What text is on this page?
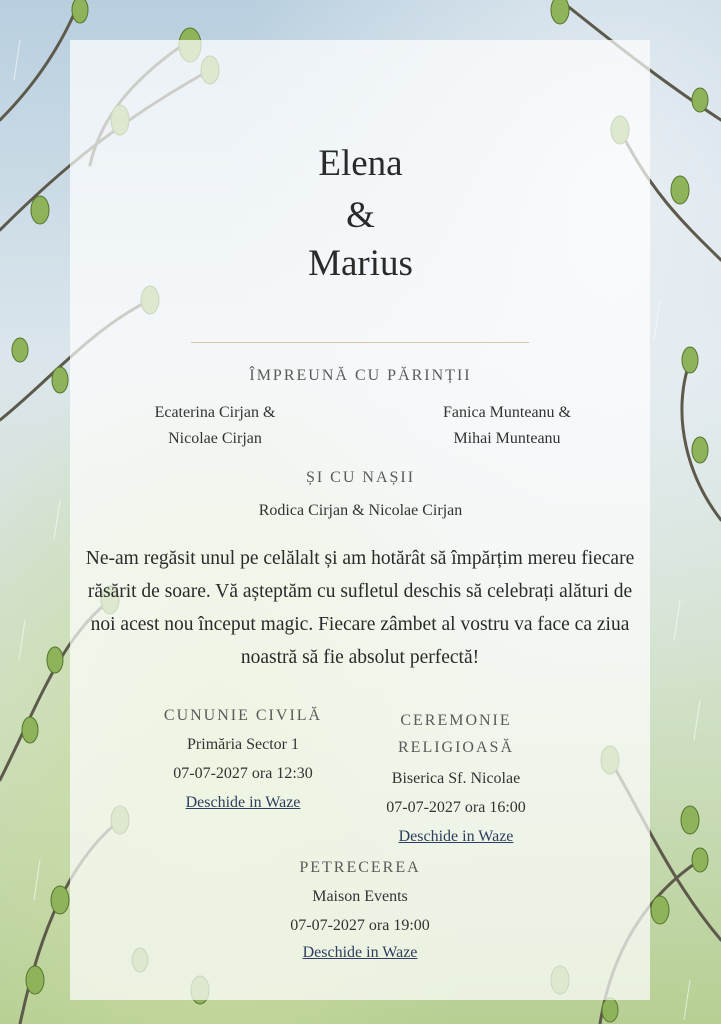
Elena
&
Marius
ÎMPREUNĂ CU PĂRINȚII
Ecaterina Cirjan &
Nicolae Cirjan
Fanica Munteanu &
Mihai Munteanu
ȘI CU NAȘII
Rodica Cirjan & Nicolae Cirjan
Ne-am regăsit unul pe celălalt și am hotărât să împărțim mereu fiecare răsărit de soare. Vă așteptăm cu sufletul deschis să celebrați alături de noi acest nou început magic. Fiecare zâmbet al vostru va face ca ziua noastră să fie absolut perfectă!
CUNUNIE CIVILĂ
Primăria Sector 1
07-07-2027 ora 12:30
Deschide in Waze
CEREMONIE
RELIGIOASĂ
Biserica Sf. Nicolae
07-07-2027 ora 16:00
Deschide in Waze
PETRECEREA
Maison Events
07-07-2027 ora 19:00
Deschide in Waze
